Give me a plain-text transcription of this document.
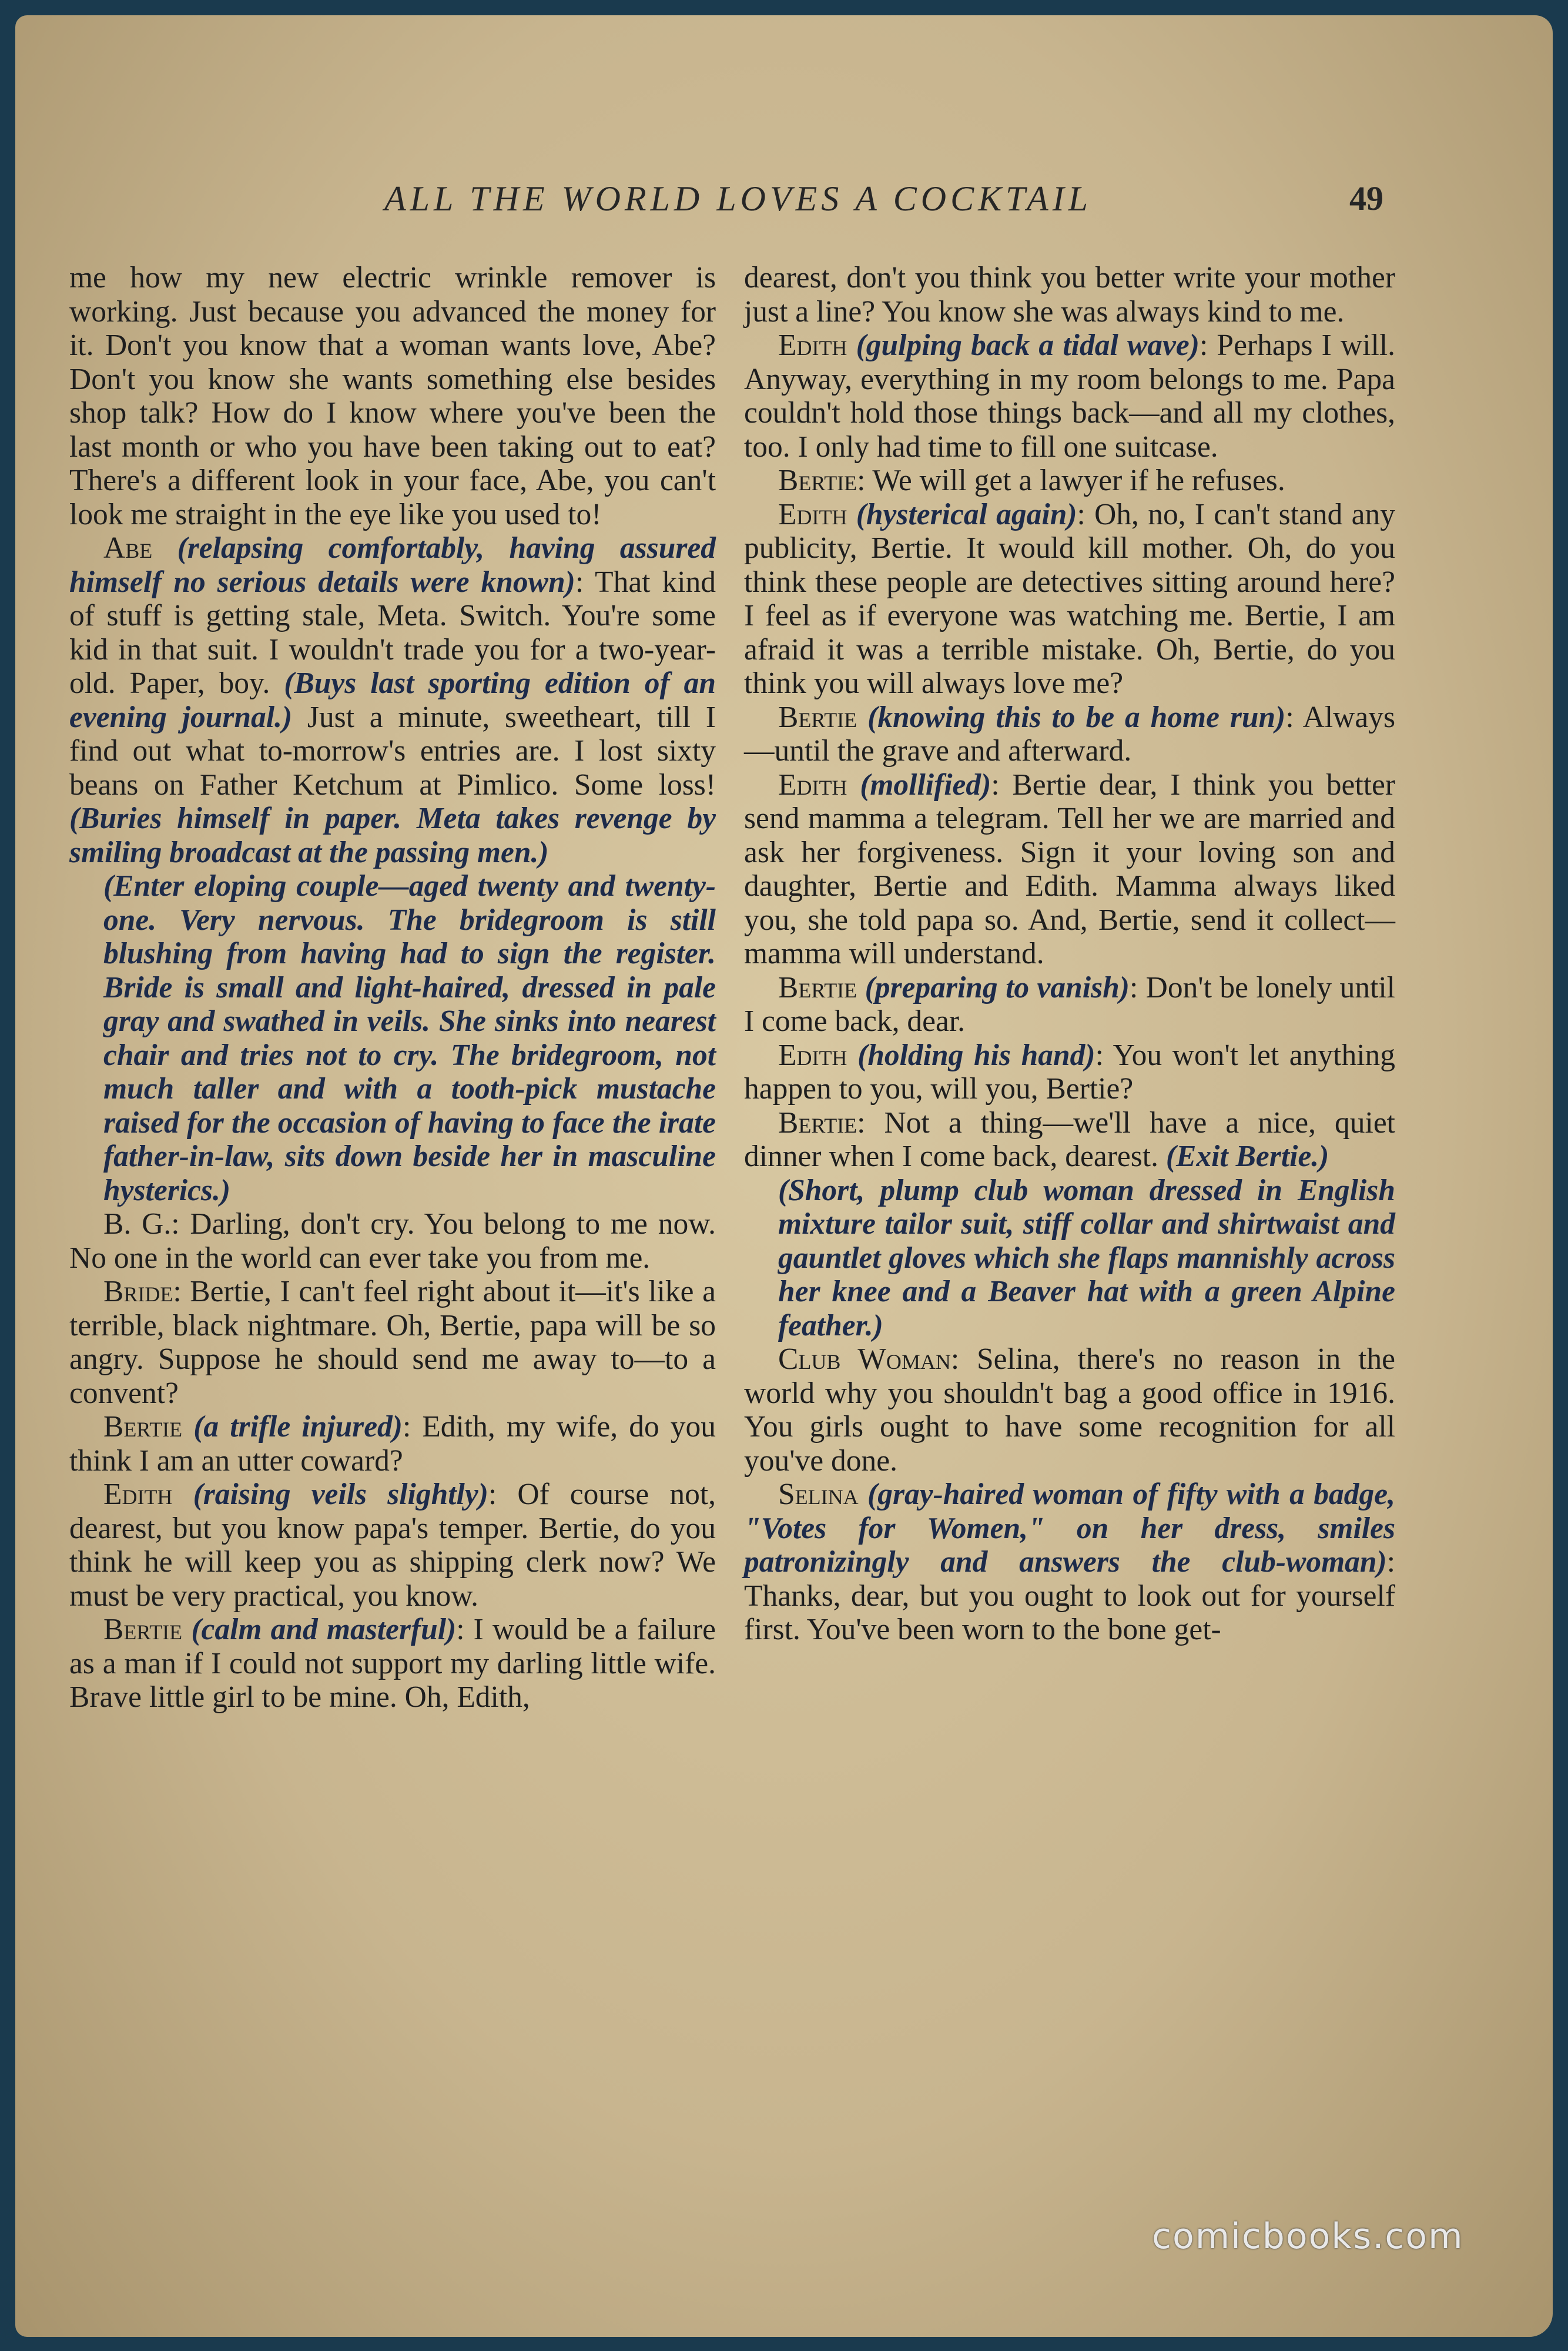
ALL THE WORLD LOVES A COCKTAIL	49

me how my new electric wrinkle remover is working. Just because you advanced the money for it. Don't you know that a woman wants love, Abe? Don't you know she wants something else besides shop talk? How do I know where you've been the last month or who you have been taking out to eat? There's a different look in your face, Abe, you can't look me straight in the eye like you used to!

Abe (relapsing comfortably, having assured himself no serious details were known): That kind of stuff is getting stale, Meta. Switch. You're some kid in that suit. I wouldn't trade you for a two-year-old. Paper, boy. (Buys last sporting edition of an evening journal.) Just a minute, sweetheart, till I find out what to-morrow's entries are. I lost sixty beans on Father Ketchum at Pimlico. Some loss! (Buries himself in paper. Meta takes revenge by smiling broadcast at the passing men.)

(Enter eloping couple—aged twenty and twenty-one. Very nervous. The bridegroom is still blushing from having had to sign the register. Bride is small and light-haired, dressed in pale gray and swathed in veils. She sinks into nearest chair and tries not to cry. The bridegroom, not much taller and with a tooth-pick mustache raised for the occasion of having to face the irate father-in-law, sits down beside her in masculine hysterics.)

B. G.: Darling, don't cry. You belong to me now. No one in the world can ever take you from me.

Bride: Bertie, I can't feel right about it—it's like a terrible, black nightmare. Oh, Bertie, papa will be so angry. Suppose he should send me away to—to a convent?

Bertie (a trifle injured): Edith, my wife, do you think I am an utter coward?

Edith (raising veils slightly): Of course not, dearest, but you know papa's temper. Bertie, do you think he will keep you as shipping clerk now? We must be very practical, you know.

Bertie (calm and masterful): I would be a failure as a man if I could not support my darling little wife. Brave little girl to be mine. Oh, Edith,

dearest, don't you think you better write your mother just a line? You know she was always kind to me.

Edith (gulping back a tidal wave): Perhaps I will. Anyway, everything in my room belongs to me. Papa couldn't hold those things back—and all my clothes, too. I only had time to fill one suitcase.

Bertie: We will get a lawyer if he refuses.

Edith (hysterical again): Oh, no, I can't stand any publicity, Bertie. It would kill mother. Oh, do you think these people are detectives sitting around here? I feel as if everyone was watching me. Bertie, I am afraid it was a terrible mistake. Oh, Bertie, do you think you will always love me?

Bertie (knowing this to be a home run): Always—until the grave and afterward.

Edith (mollified): Bertie dear, I think you better send mamma a telegram. Tell her we are married and ask her forgiveness. Sign it your loving son and daughter, Bertie and Edith. Mamma always liked you, she told papa so. And, Bertie, send it collect—mamma will understand.

Bertie (preparing to vanish): Don't be lonely until I come back, dear.

Edith (holding his hand): You won't let anything happen to you, will you, Bertie?

Bertie: Not a thing—we'll have a nice, quiet dinner when I come back, dearest. (Exit Bertie.)

(Short, plump club woman dressed in English mixture tailor suit, stiff collar and shirtwaist and gauntlet gloves which she flaps mannishly across her knee and a Beaver hat with a green Alpine feather.)

Club Woman: Selina, there's no reason in the world why you shouldn't bag a good office in 1916. You girls ought to have some recognition for all you've done.

Selina (gray-haired woman of fifty with a badge, "Votes for Women," on her dress, smiles patronizingly and answers the club-woman): Thanks, dear, but you ought to look out for yourself first. You've been worn to the bone get-

comicbooks.com
